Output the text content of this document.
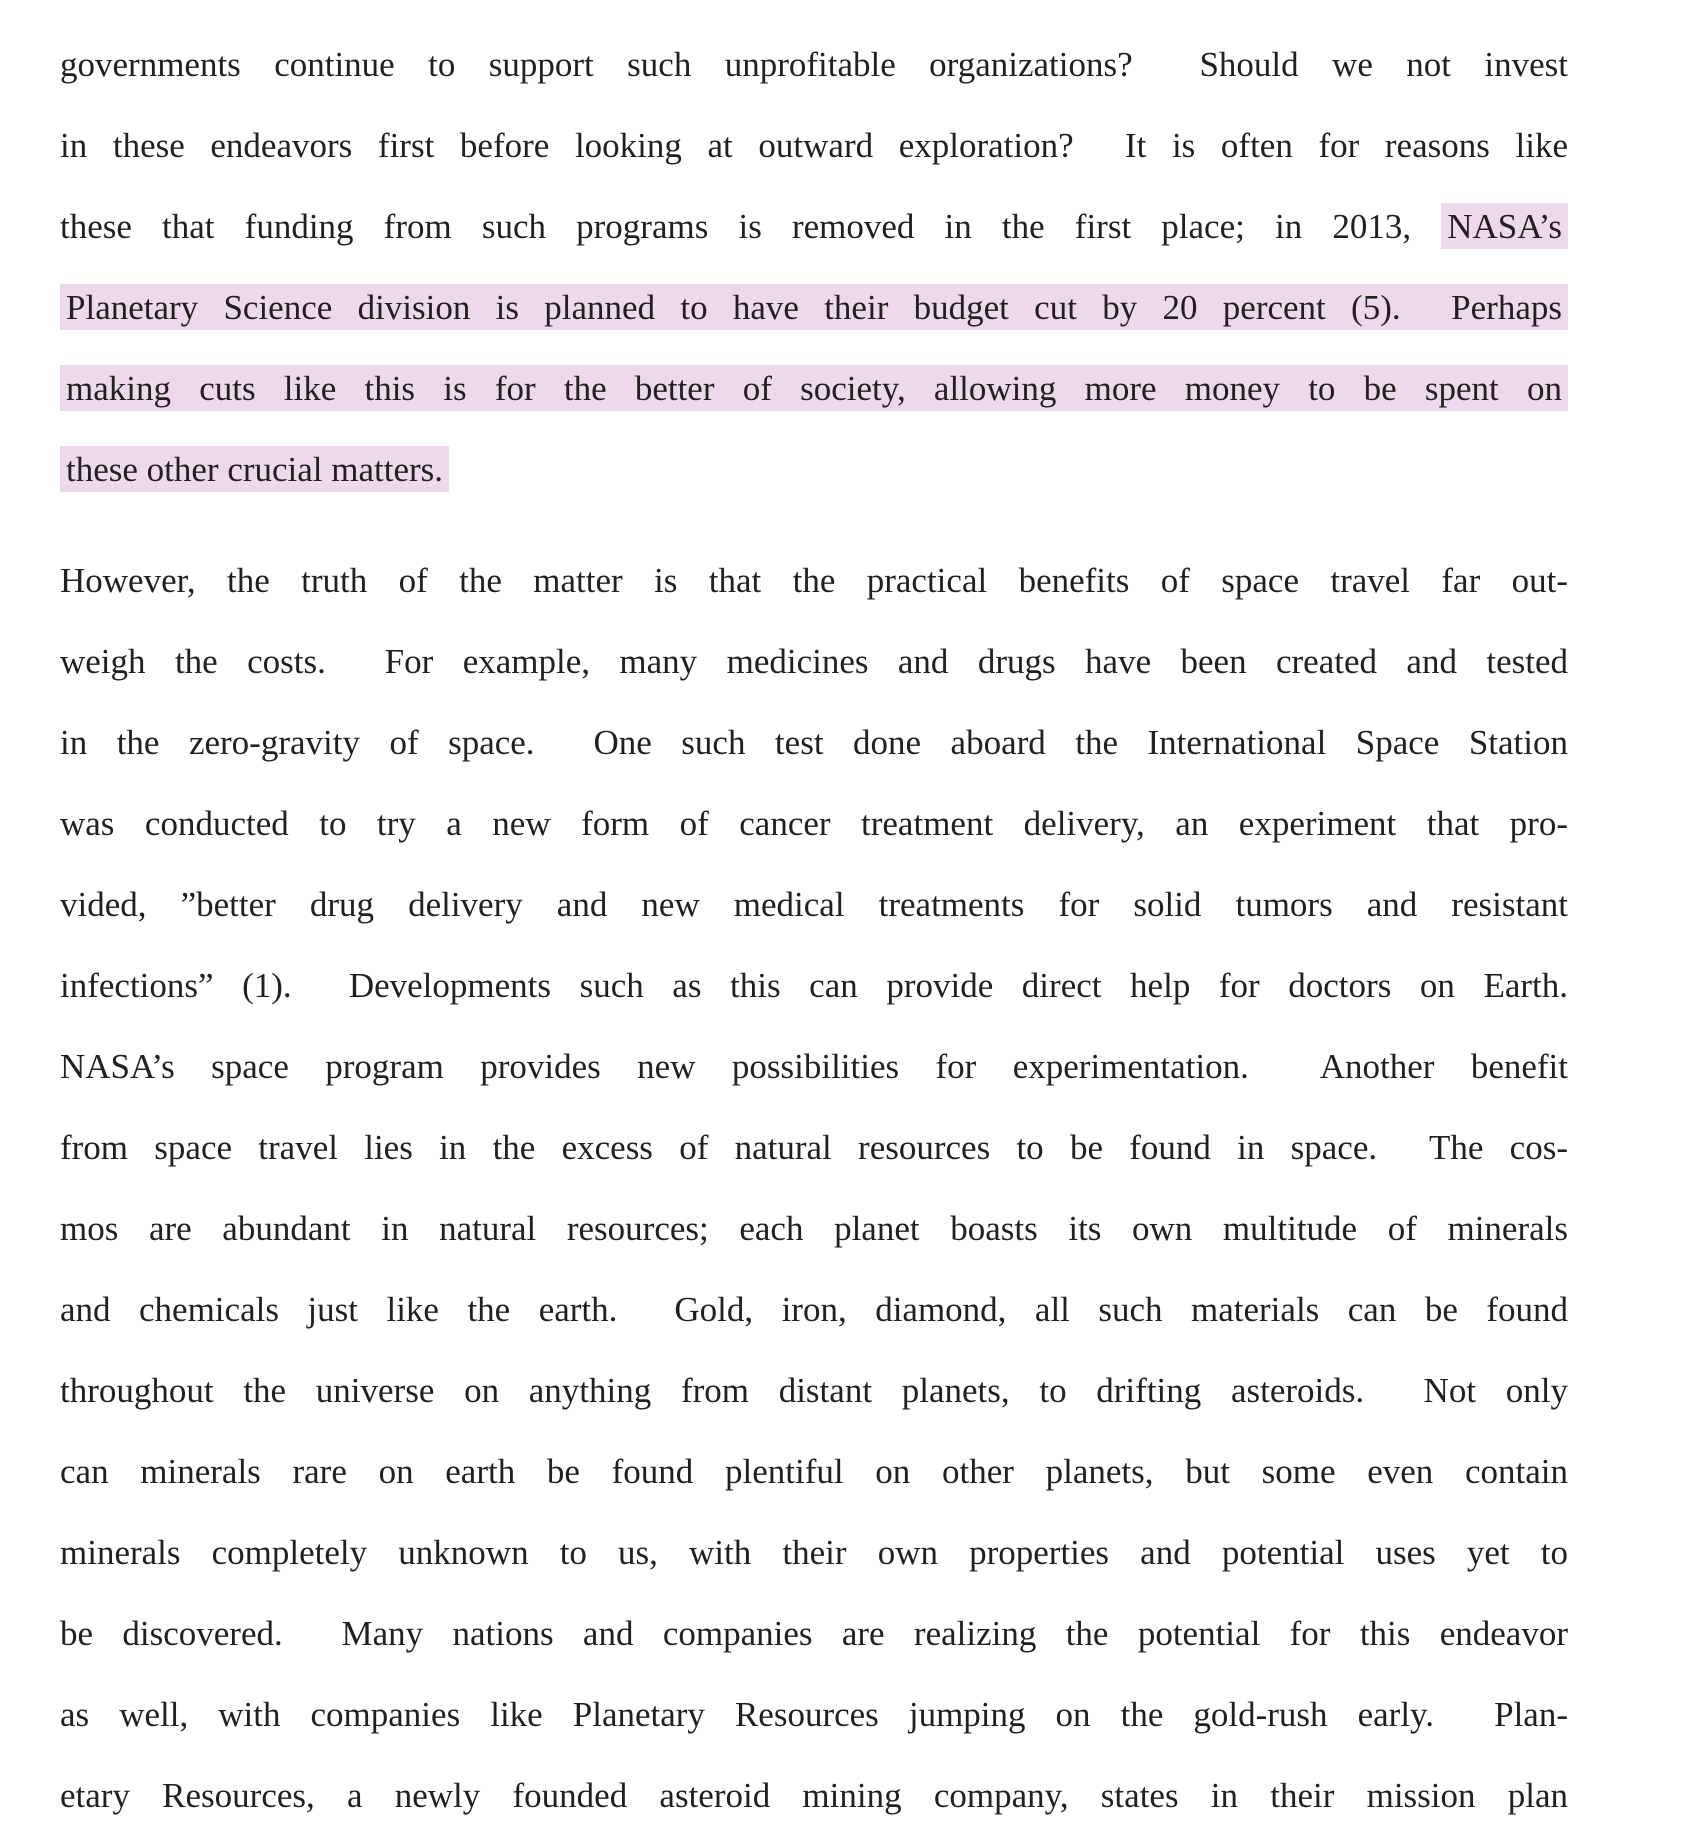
governments continue to support such unprofitable organizations?  Should we not invest
in these endeavors first before looking at outward exploration?  It is often for reasons like
these that funding from such programs is removed in the first place; in 2013, NASA’s
Planetary Science division is planned to have their budget cut by 20 percent (5).  Perhaps
making cuts like this is for the better of society, allowing more money to be spent on
these other crucial matters.
However, the truth of the matter is that the practical benefits of space travel far out-
weigh the costs.  For example, many medicines and drugs have been created and tested
in the zero-gravity of space.  One such test done aboard the International Space Station
was conducted to try a new form of cancer treatment delivery, an experiment that pro-
vided, ”better drug delivery and new medical treatments for solid tumors and resistant
infections” (1).  Developments such as this can provide direct help for doctors on Earth.
NASA’s space program provides new possibilities for experimentation.  Another benefit
from space travel lies in the excess of natural resources to be found in space.  The cos-
mos are abundant in natural resources; each planet boasts its own multitude of minerals
and chemicals just like the earth.  Gold, iron, diamond, all such materials can be found
throughout the universe on anything from distant planets, to drifting asteroids.  Not only
can minerals rare on earth be found plentiful on other planets, but some even contain
minerals completely unknown to us, with their own properties and potential uses yet to
be discovered.  Many nations and companies are realizing the potential for this endeavor
as well, with companies like Planetary Resources jumping on the gold-rush early.  Plan-
etary Resources, a newly founded asteroid mining company, states in their mission plan
